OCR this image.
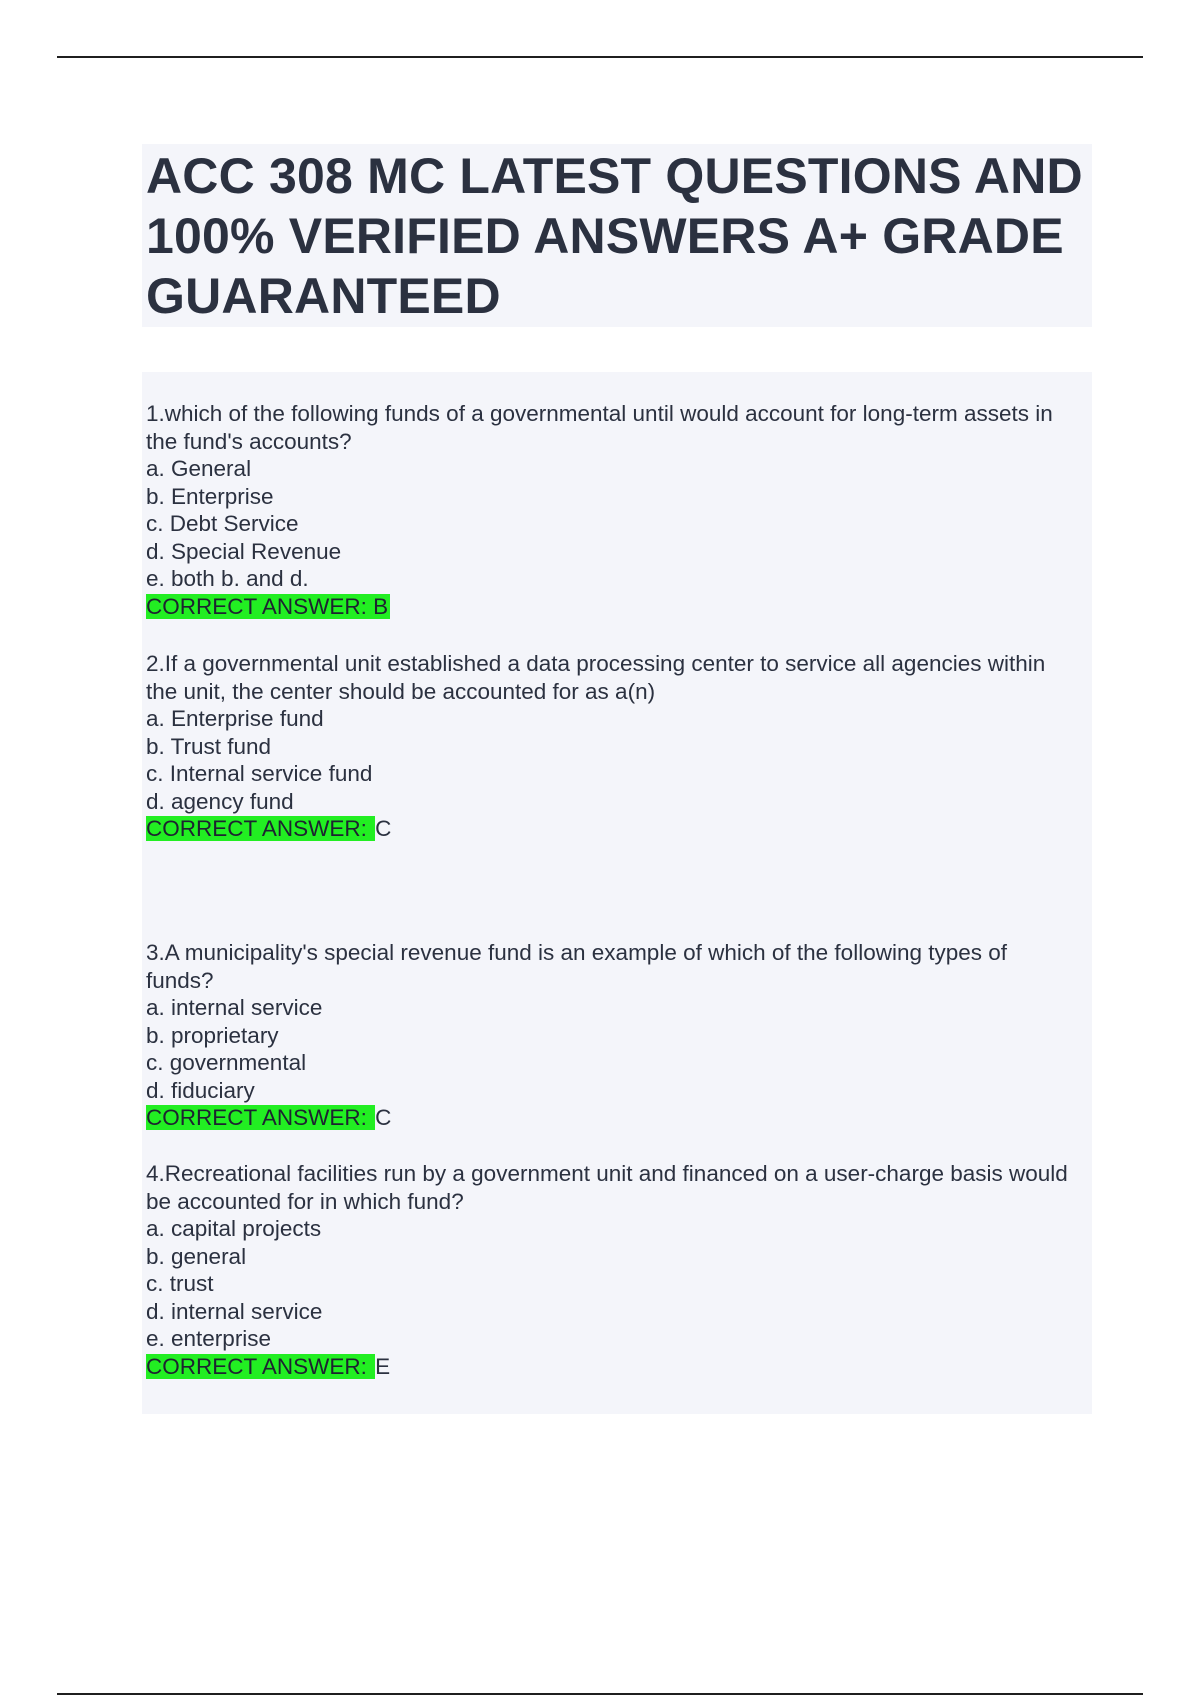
ACC 308 MC LATEST QUESTIONS AND 100% VERIFIED ANSWERS A+ GRADE GUARANTEED

1.which of the following funds of a governmental until would account for long-term assets in the fund's accounts?

a. General
b. Enterprise
c. Debt Service
d. Special Revenue
e. both b. and d.
CORRECT ANSWER: B

2.If a governmental unit established a data processing center to service all agencies within the unit, the center should be accounted for as a(n)

a. Enterprise fund
b. Trust fund
c. Internal service fund
d. agency fund
CORRECT ANSWER: C

3.A municipality's special revenue fund is an example of which of the following types of funds?

a. internal service
b. proprietary
c. governmental
d. fiduciary
CORRECT ANSWER: C

4.Recreational facilities run by a government unit and financed on a user-charge basis would be accounted for in which fund?

a. capital projects
b. general
c. trust
d. internal service
e. enterprise
CORRECT ANSWER: E
